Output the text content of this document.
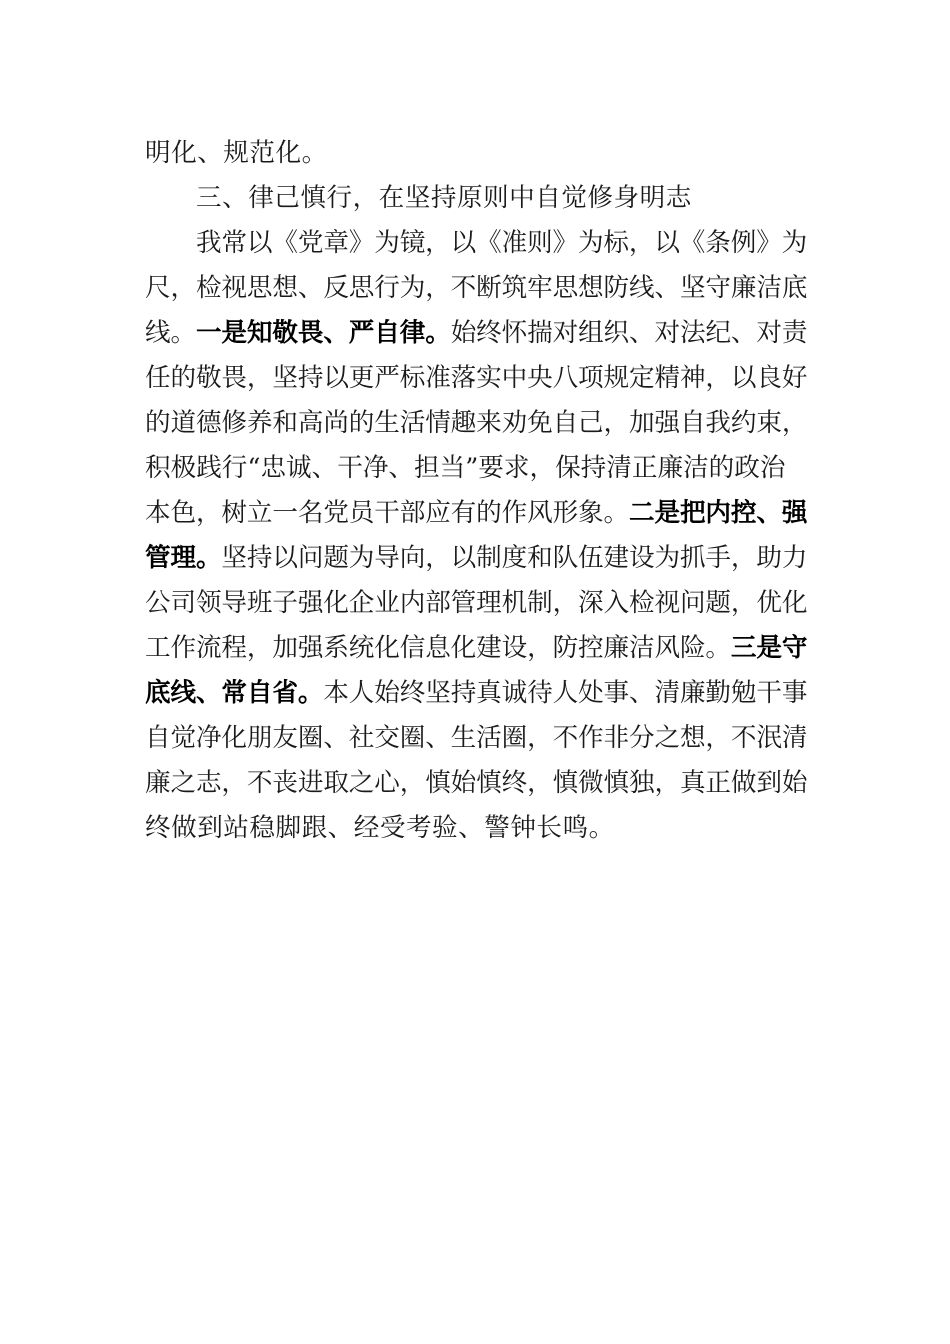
明化、规范化。
三、律己慎行，在坚持原则中自觉修身明志
我常以《党章》为镜，以《准则》为标，以《条例》为
尺，检视思想、反思行为，不断筑牢思想防线、坚守廉洁底
线。一是知敬畏、严自律。始终怀揣对组织、对法纪、对责
任的敬畏，坚持以更严标准落实中央八项规定精神，以良好
的道德修养和高尚的生活情趣来劝免自己，加强自我约束，
积极践行“忠诚、干净、担当”要求，保持清正廉洁的政治
本色，树立一名党员干部应有的作风形象。二是把内控、强
管理。坚持以问题为导向，以制度和队伍建设为抓手，助力
公司领导班子强化企业内部管理机制，深入检视问题，优化
工作流程，加强系统化信息化建设，防控廉洁风险。三是守
底线、常自省。本人始终坚持真诚待人处事、清廉勤勉干事
自觉净化朋友圈、社交圈、生活圈，不作非分之想，不泯清
廉之志，不丧进取之心，慎始慎终，慎微慎独，真正做到始
终做到站稳脚跟、经受考验、警钟长鸣。
